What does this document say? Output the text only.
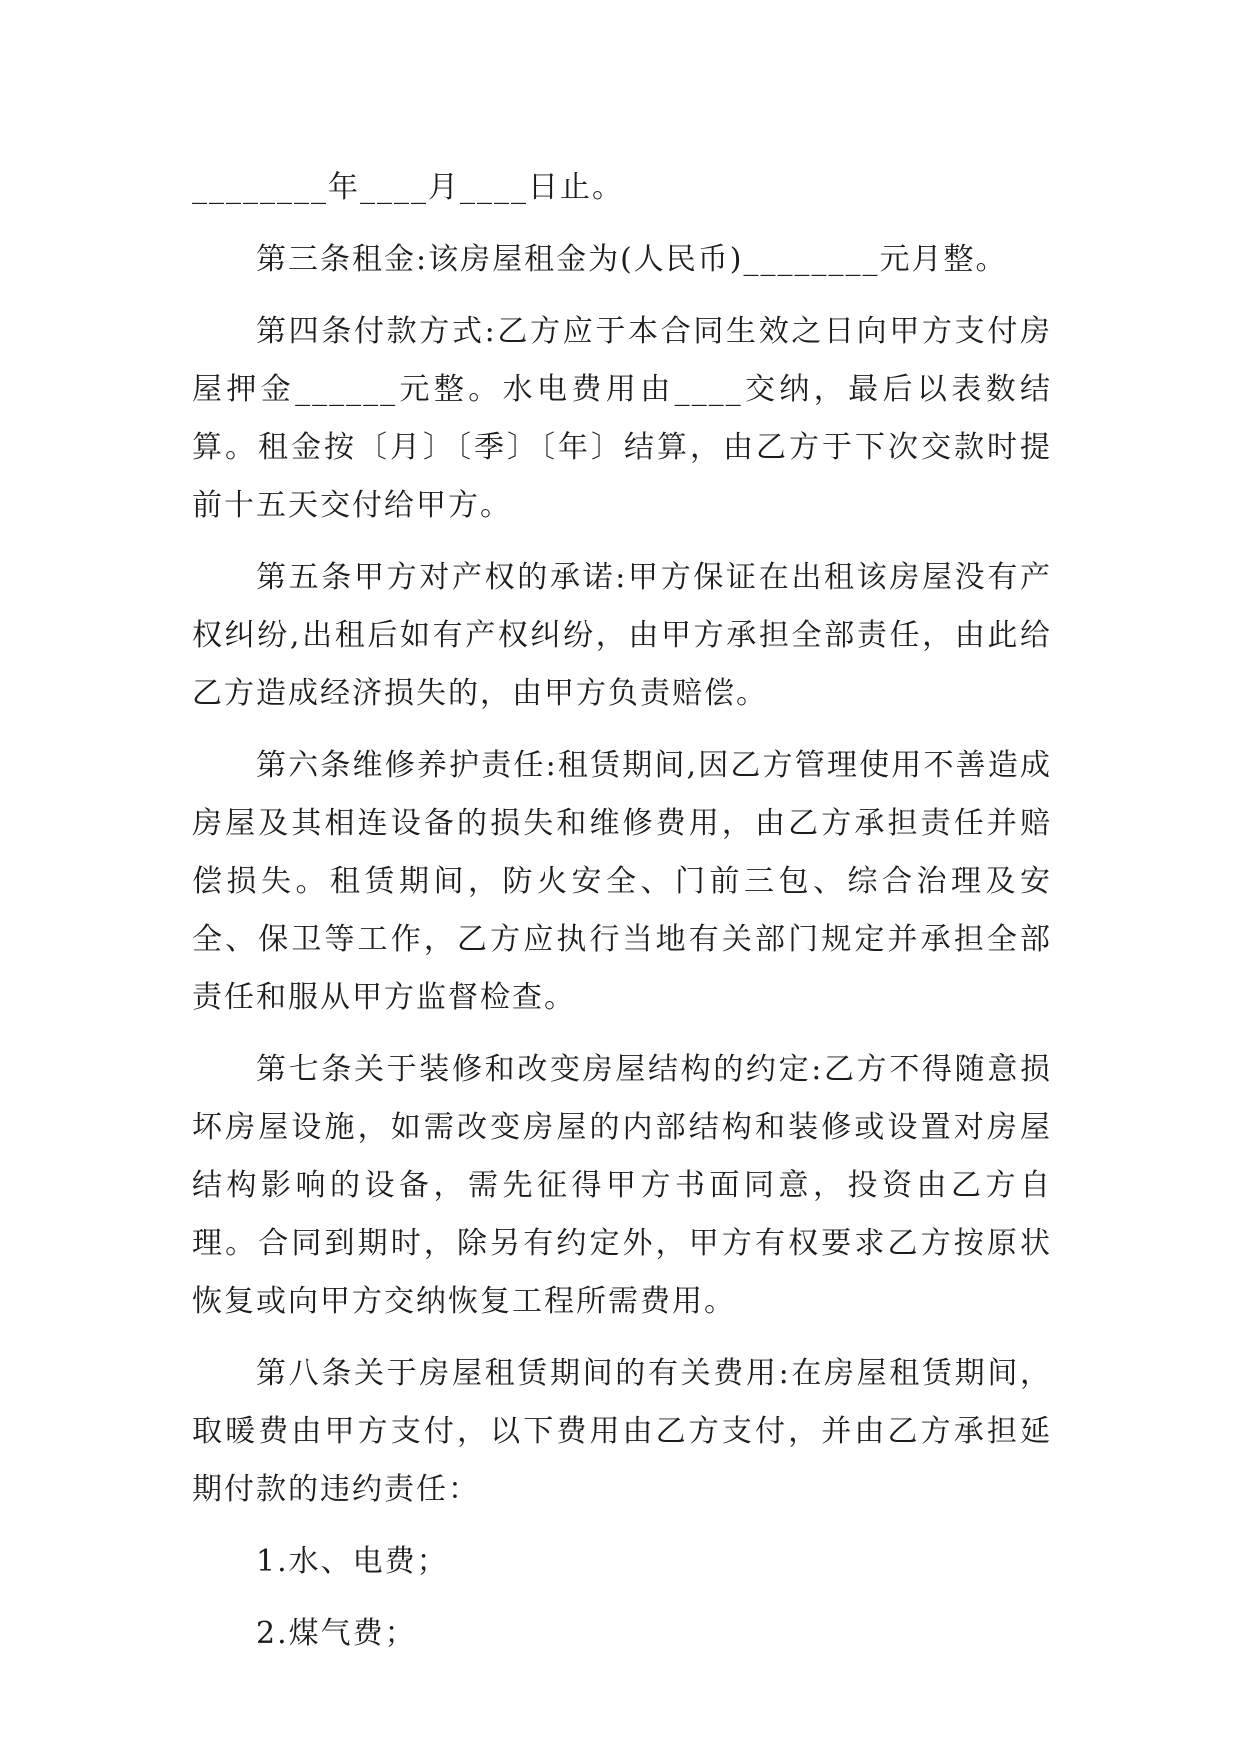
________年____月____日止。

第三条租金:该房屋租金为(人民币)________元月整。

第四条付款方式:乙方应于本合同生效之日向甲方支付房屋押金______元整。水电费用由____交纳，最后以表数结算。租金按〔月〕〔季〕〔年〕结算，由乙方于下次交款时提前十五天交付给甲方。

第五条甲方对产权的承诺:甲方保证在出租该房屋没有产权纠纷,出租后如有产权纠纷，由甲方承担全部责任，由此给乙方造成经济损失的，由甲方负责赔偿。

第六条维修养护责任:租赁期间,因乙方管理使用不善造成房屋及其相连设备的损失和维修费用，由乙方承担责任并赔偿损失。租赁期间，防火安全、门前三包、综合治理及安全、保卫等工作，乙方应执行当地有关部门规定并承担全部责任和服从甲方监督检查。

第七条关于装修和改变房屋结构的约定:乙方不得随意损坏房屋设施，如需改变房屋的内部结构和装修或设置对房屋结构影响的设备，需先征得甲方书面同意，投资由乙方自理。合同到期时，除另有约定外，甲方有权要求乙方按原状恢复或向甲方交纳恢复工程所需费用。

第八条关于房屋租赁期间的有关费用:在房屋租赁期间，取暖费由甲方支付，以下费用由乙方支付，并由乙方承担延期付款的违约责任：

1.水、电费；

2.煤气费；
